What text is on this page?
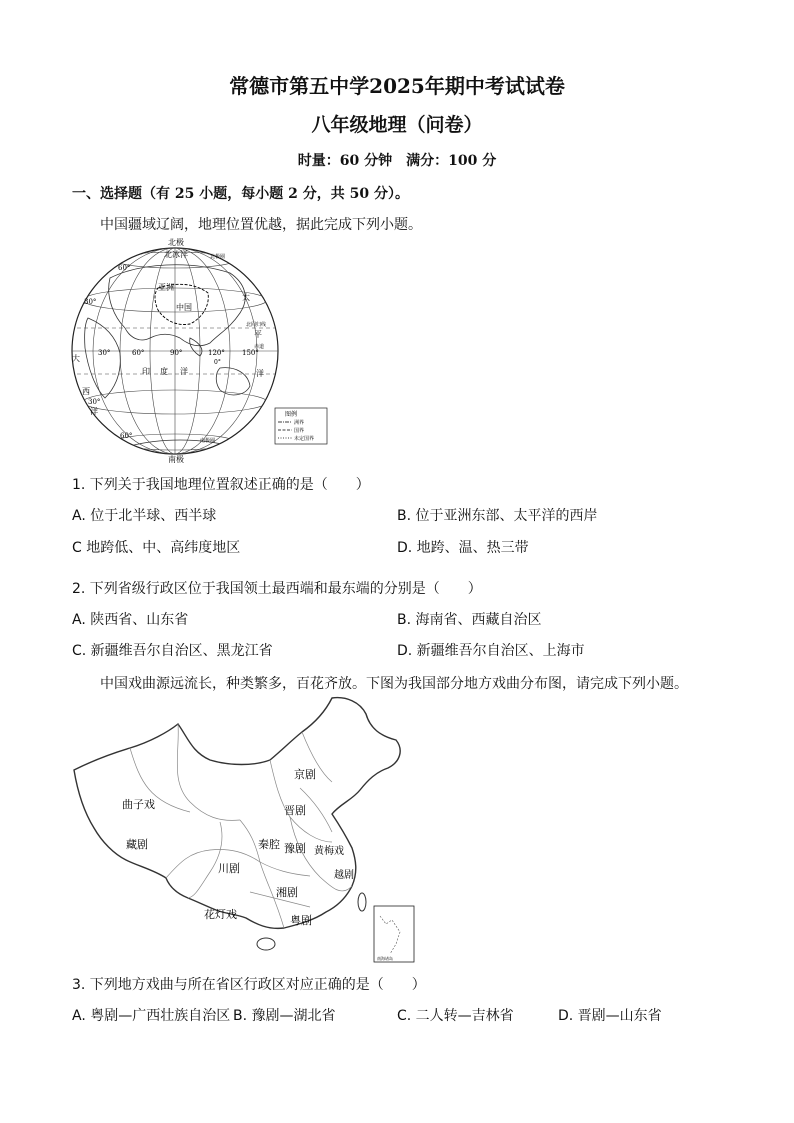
常德市第五中学2025年期中考试试卷
八年级地理（问卷）
时量：60 分钟　满分：100 分
一、选择题（有 25 小题，每小题 2 分，共 50 分）。
中国疆域辽阔，地理位置优越，据此完成下列小题。
北极
北冰洋	北极圈
60°
亚洲
30°
中国
太
北回归线
平
赤道
洋
大
西
洋
30°	60°	90°	120° 150°
0°
印 度 洋
30°
60°
南极圈
南极
图例
洲界
国界
未定国界
1. 下列关于我国地理位置叙述正确的是（　　）
A. 位于北半球、西半球	B. 位于亚洲东部、太平洋的西岸
C 地跨低、中、高纬度地区	D. 地跨、温、热三带
2. 下列省级行政区位于我国领土最西端和最东端的分别是（　　）
A. 陕西省、山东省	B. 海南省、西藏自治区
C. 新疆维吾尔自治区、黑龙江省	D. 新疆维吾尔自治区、上海市
中国戏曲源远流长，种类繁多，百花齐放。下图为我国部分地方戏曲分布图，请完成下列小题。
南海诸岛
曲子戏
京剧
晋剧
秦腔 豫剧 黄梅戏
藏剧
川剧
湘剧
越剧
花灯戏	粤剧
3. 下列地方戏曲与所在省区行政区对应正确的是（　　）
A. 粤剧—广西壮族自治区 B. 豫剧—湖北省	C. 二人转—吉林省	D. 晋剧—山东省
